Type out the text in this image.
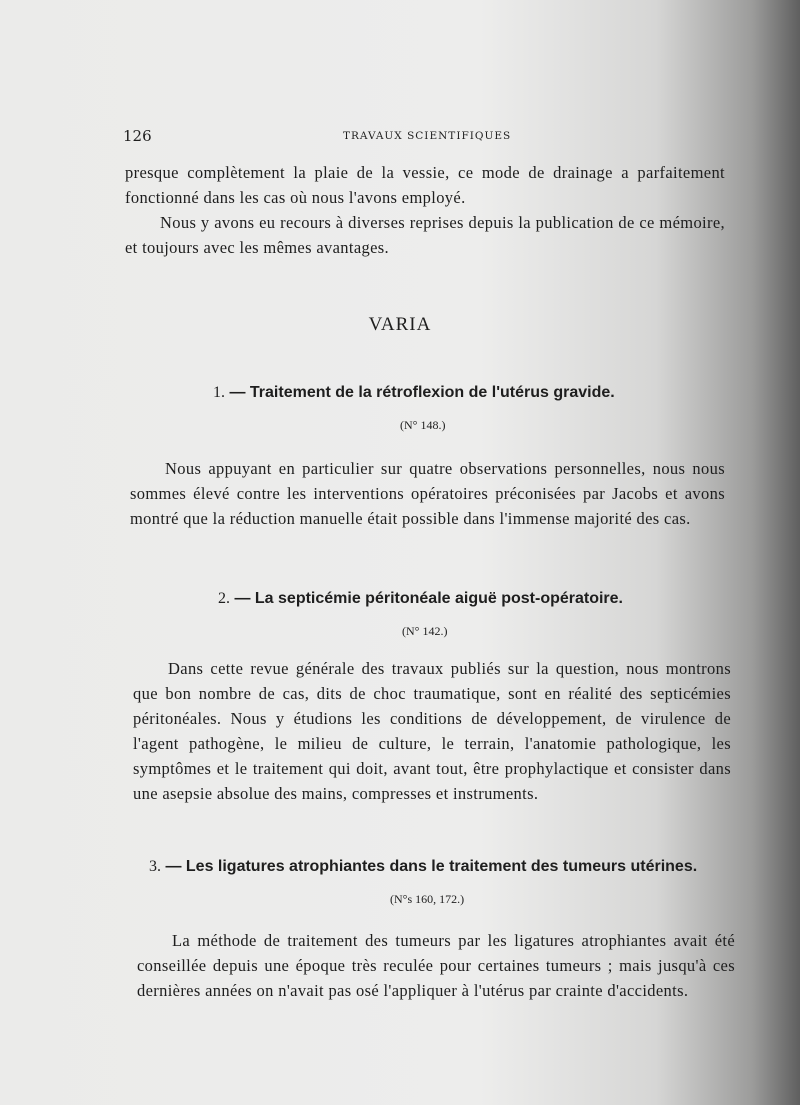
126	TRAVAUX SCIENTIFIQUES
presque complètement la plaie de la vessie, ce mode de drainage a parfaitement fonctionné dans les cas où nous l'avons employé.
Nous y avons eu recours à diverses reprises depuis la publication de ce mémoire, et toujours avec les mêmes avantages.
VARIA
1. — Traitement de la rétroflexion de l'utérus gravide.
(N° 148.)
Nous appuyant en particulier sur quatre observations personnelles, nous nous sommes élevé contre les interventions opératoires préconisées par Jacobs et avons montré que la réduction manuelle était possible dans l'immense majorité des cas.
2. — La septicémie péritonéale aiguë post-opératoire.
(N° 142.)
Dans cette revue générale des travaux publiés sur la question, nous montrons que bon nombre de cas, dits de choc traumatique, sont en réalité des septicémies péritonéales. Nous y étudions les conditions de développement, de virulence de l'agent pathogène, le milieu de culture, le terrain, l'anatomie pathologique, les symptômes et le traitement qui doit, avant tout, être prophylactique et consister dans une asepsie absolue des mains, compresses et instruments.
3. — Les ligatures atrophiantes dans le traitement des tumeurs utérines.
(N°s 160, 172.)
La méthode de traitement des tumeurs par les ligatures atrophiantes avait été conseillée depuis une époque très reculée pour certaines tumeurs ; mais jusqu'à ces dernières années on n'avait pas osé l'appliquer à l'utérus par crainte d'accidents.
